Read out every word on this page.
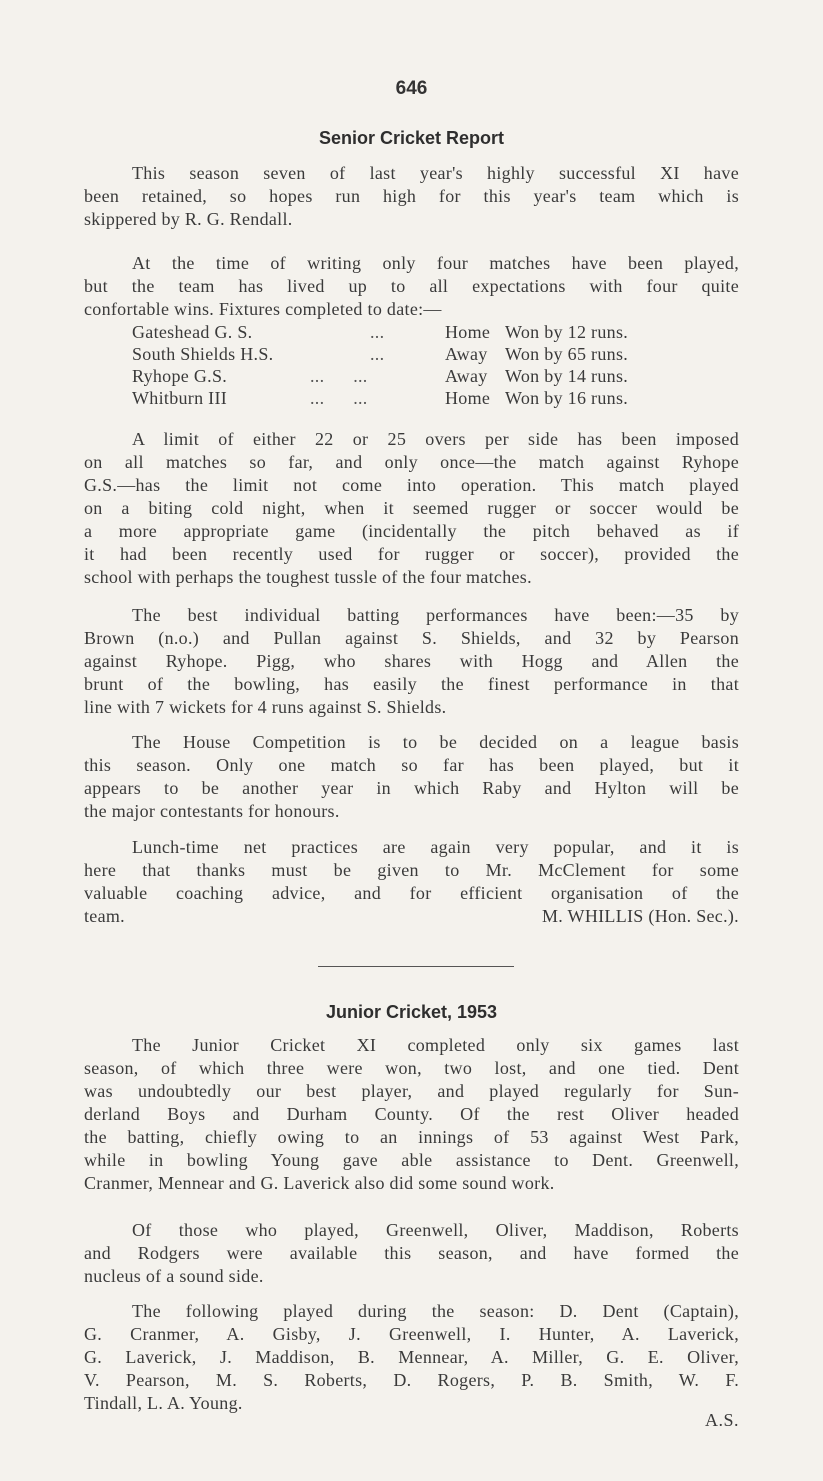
646
Senior Cricket Report
This season seven of last year's highly successful XI have
been retained, so hopes run high for this year's team which is
skippered by R. G. Rendall.
At the time of writing only four matches have been played,
but the team has lived up to all expectations with four quite
confortable wins. Fixtures completed to date:—
Gateshead G. S.	...	Home Won by 12 runs.
South Shields H.S.	...	Away Won by 65 runs.
Ryhope G.S.	...      ...	Away Won by 14 runs.
Whitburn III	...      ...	Home Won by 16 runs.
A limit of either 22 or 25 overs per side has been imposed
on all matches so far, and only once—the match against Ryhope
G.S.—has the limit not come into operation. This match played
on a biting cold night, when it seemed rugger or soccer would be
a more appropriate game (incidentally the pitch behaved as if
it had been recently used for rugger or soccer), provided the
school with perhaps the toughest tussle of the four matches.
The best individual batting performances have been:—35 by
Brown (n.o.) and Pullan against S. Shields, and 32 by Pearson
against Ryhope. Pigg, who shares with Hogg and Allen the
brunt of the bowling, has easily the finest performance in that
line with 7 wickets for 4 runs against S. Shields.
The House Competition is to be decided on a league basis
this season. Only one match so far has been played, but it
appears to be another year in which Raby and Hylton will be
the major contestants for honours.
Lunch-time net practices are again very popular, and it is
here that thanks must be given to Mr. McClement for some
valuable coaching advice, and for efficient organisation of the
team.	M. WHILLIS (Hon. Sec.).
Junior Cricket, 1953
The Junior Cricket XI completed only six games last
season, of which three were won, two lost, and one tied. Dent
was undoubtedly our best player, and played regularly for Sun-
derland Boys and Durham County. Of the rest Oliver headed
the batting, chiefly owing to an innings of 53 against West Park,
while in bowling Young gave able assistance to Dent. Greenwell,
Cranmer, Mennear and G. Laverick also did some sound work.
Of those who played, Greenwell, Oliver, Maddison, Roberts
and Rodgers were available this season, and have formed the
nucleus of a sound side.
The following played during the season: D. Dent (Captain),
G. Cranmer, A. Gisby, J. Greenwell, I. Hunter, A. Laverick,
G. Laverick, J. Maddison, B. Mennear, A. Miller, G. E. Oliver,
V. Pearson, M. S. Roberts, D. Rogers, P. B. Smith, W. F.
Tindall, L. A. Young.
A.S.
